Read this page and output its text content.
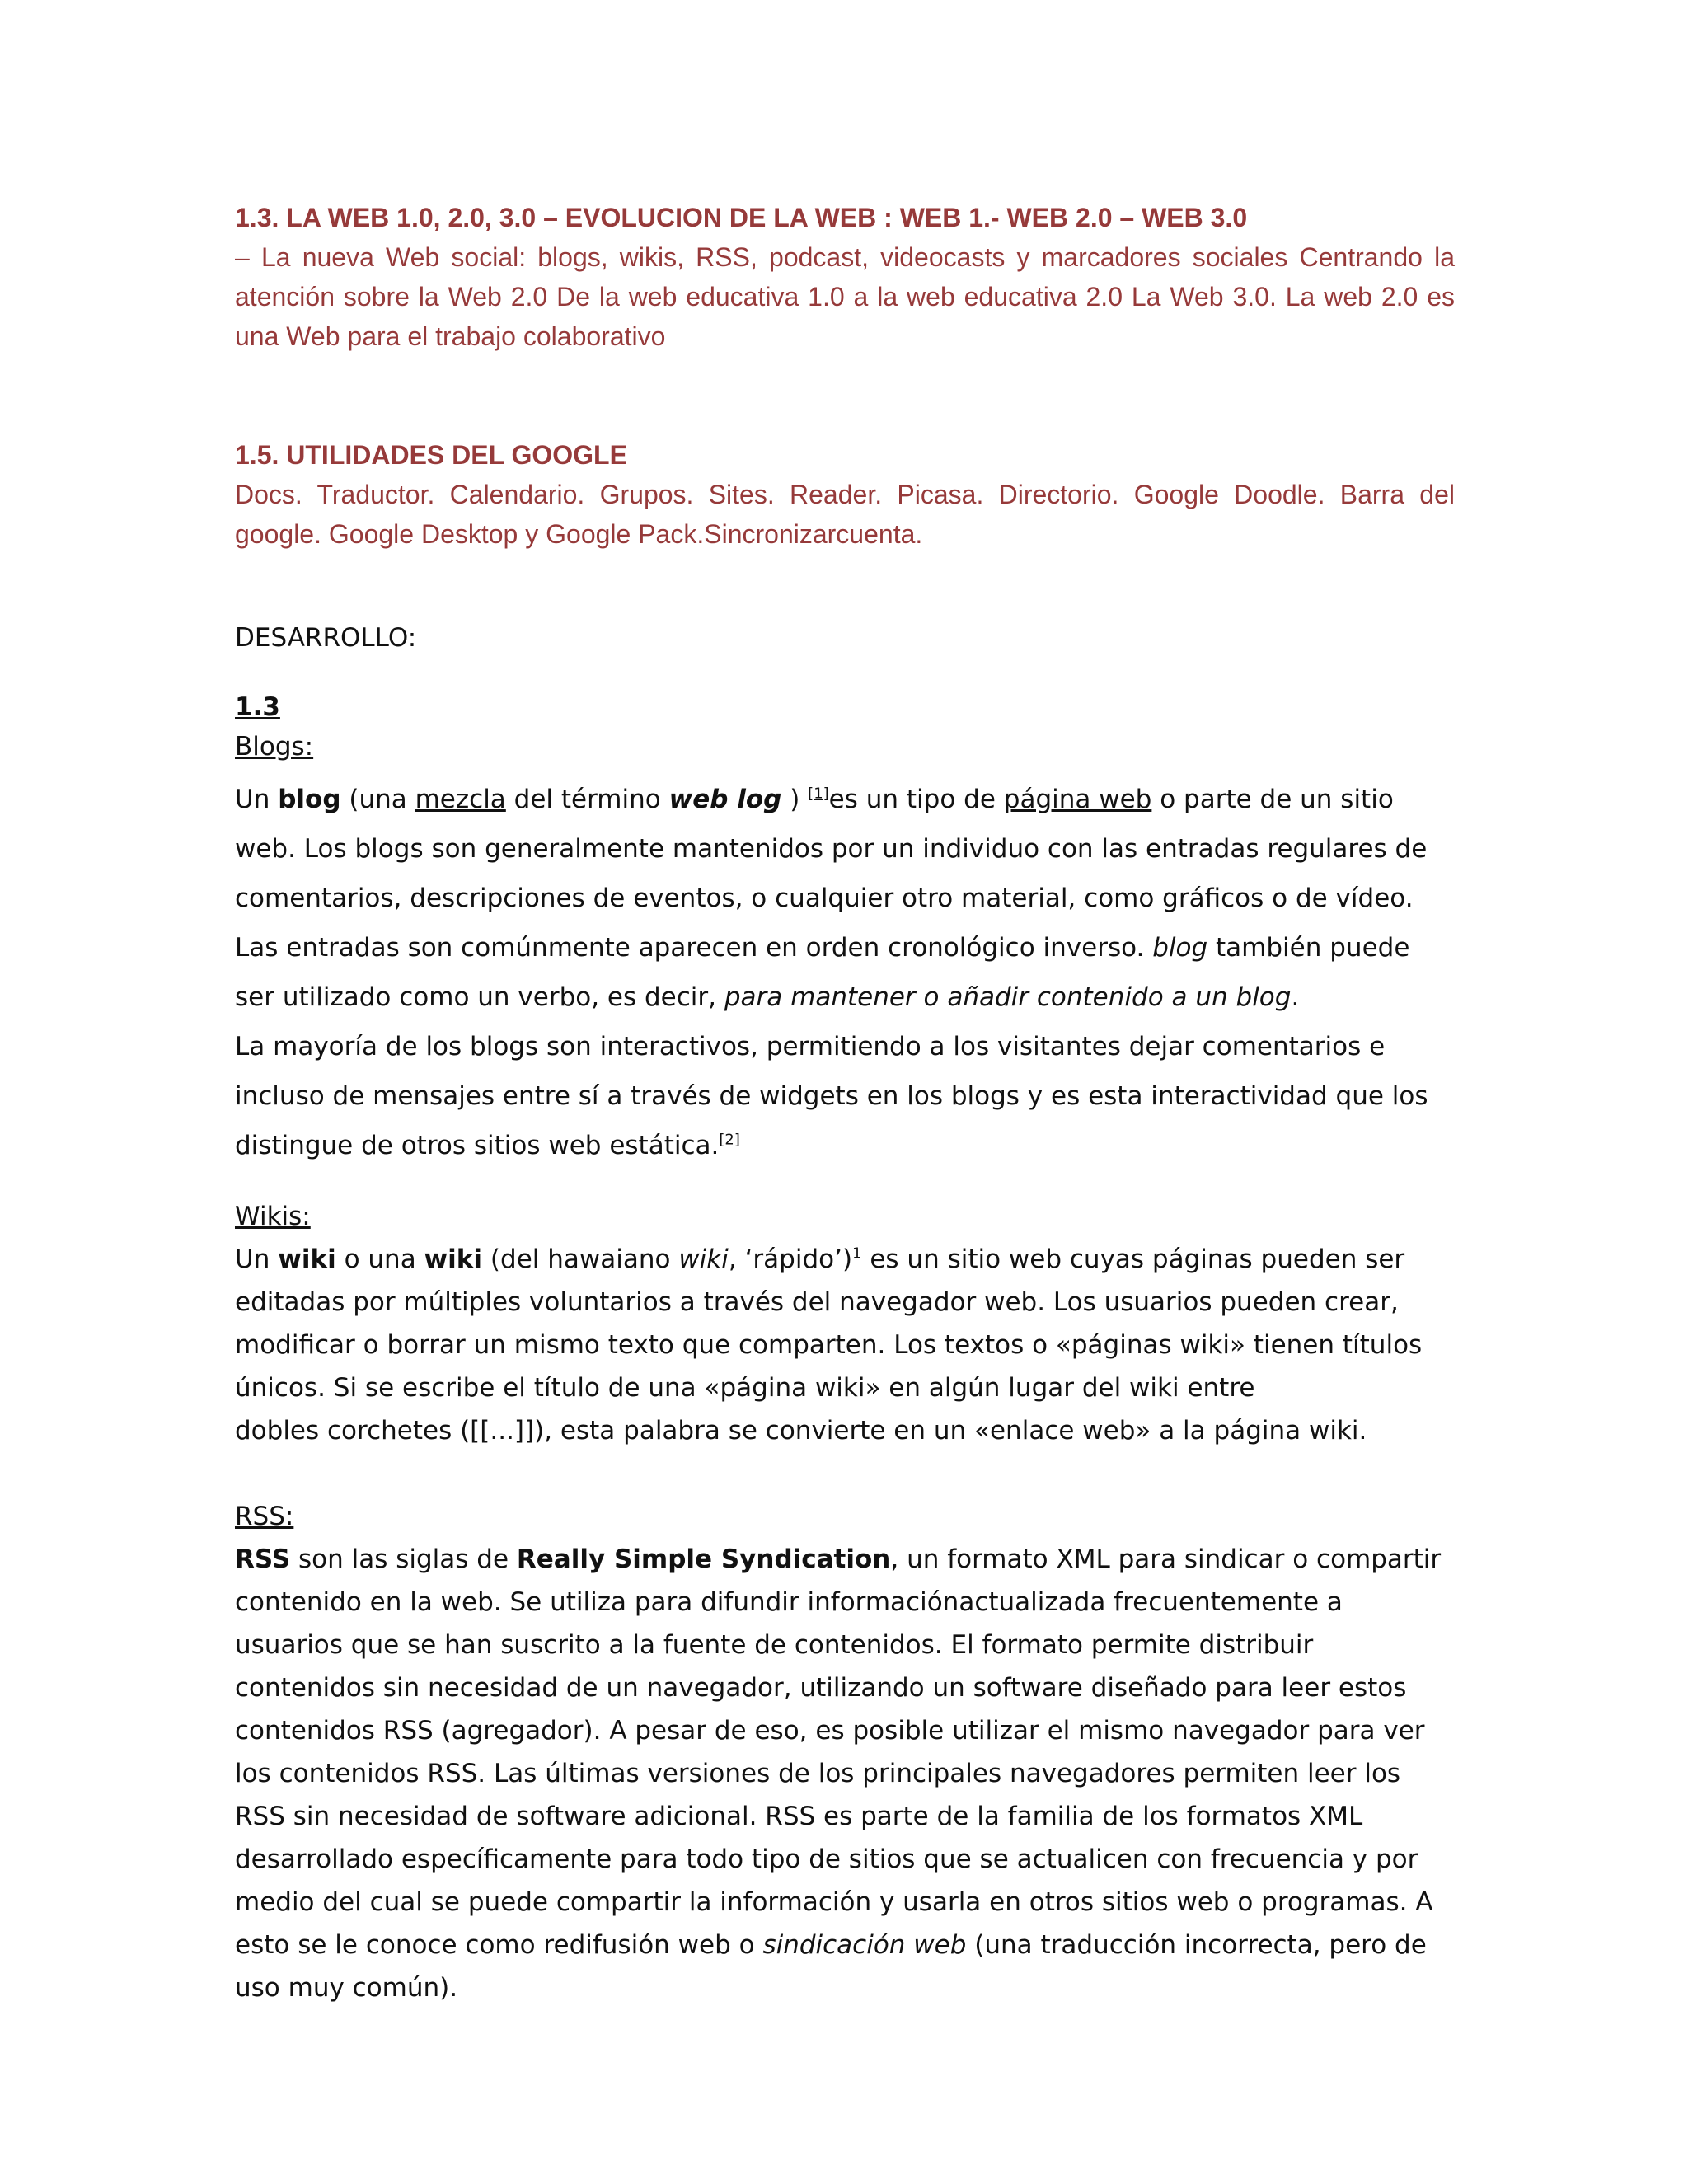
1.3. LA WEB 1.0, 2.0, 3.0 – EVOLUCION DE LA WEB : WEB 1.- WEB 2.0 – WEB 3.0

– La nueva Web social: blogs, wikis, RSS, podcast, videocasts y marcadores sociales Centrando la atención sobre la Web 2.0 De la web educativa 1.0 a la web educativa 2.0 La Web 3.0. La web 2.0 es una Web para el trabajo colaborativo

1.5. UTILIDADES DEL GOOGLE

Docs. Traductor. Calendario. Grupos. Sites. Reader. Picasa. Directorio. Google Doodle. Barra del google. Google Desktop y Google Pack.Sincronizarcuenta.

DESARROLLO:

1.3

Blogs:

Un blog (una mezcla del término web log ) [1]es un tipo de página web o parte de un sitio web. Los blogs son generalmente mantenidos por un individuo con las entradas regulares de comentarios, descripciones de eventos, o cualquier otro material, como gráficos o de vídeo. Las entradas son comúnmente aparecen en orden cronológico inverso. blog también puede ser utilizado como un verbo, es decir, para mantener o añadir contenido a un blog.

La mayoría de los blogs son interactivos, permitiendo a los visitantes dejar comentarios e incluso de mensajes entre sí a través de widgets en los blogs y es esta interactividad que los distingue de otros sitios web estática.[2]

Wikis:

Un wiki o una wiki (del hawaiano wiki, ‘rápido’)$^1$ es un sitio web cuyas páginas pueden ser editadas por múltiples voluntarios a través del navegador web. Los usuarios pueden crear, modificar o borrar un mismo texto que comparten. Los textos o «páginas wiki» tienen títulos únicos. Si se escribe el título de una «página wiki» en algún lugar del wiki entre
dobles corchetes ([[...]]), esta palabra se convierte en un «enlace web» a la página wiki.

RSS:

RSS son las siglas de Really Simple Syndication, un formato XML para sindicar o compartir contenido en la web. Se utiliza para difundir informaciónactualizada frecuentemente a usuarios que se han suscrito a la fuente de contenidos. El formato permite distribuir contenidos sin necesidad de un navegador, utilizando un software diseñado para leer estos contenidos RSS (agregador). A pesar de eso, es posible utilizar el mismo navegador para ver los contenidos RSS. Las últimas versiones de los principales navegadores permiten leer los RSS sin necesidad de software adicional. RSS es parte de la familia de los formatos XML desarrollado específicamente para todo tipo de sitios que se actualicen con frecuencia y por medio del cual se puede compartir la información y usarla en otros sitios web o programas. A esto se le conoce como redifusión web o sindicación web (una traducción incorrecta, pero de uso muy común).
